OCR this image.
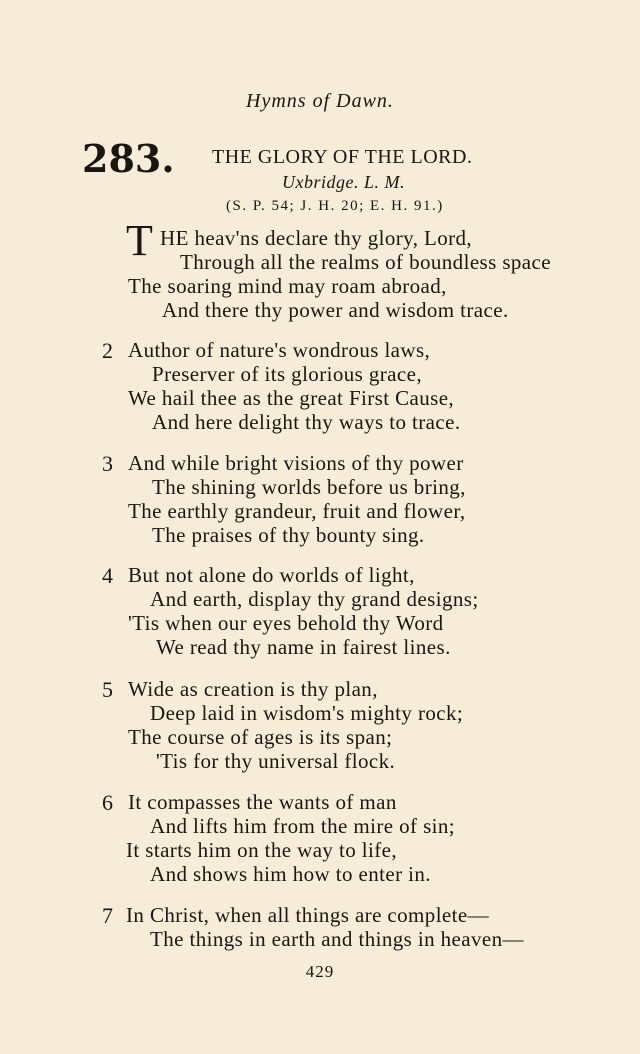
Hymns of Dawn.
283. THE GLORY OF THE LORD.
Uxbridge. L. M.
(S. P. 54; J. H. 20; E. H. 91.)
T HE heav'ns declare thy glory, Lord,
Through all the realms of boundless space
The soaring mind may roam abroad,
And there thy power and wisdom trace.
2 Author of nature's wondrous laws,
Preserver of its glorious grace,
We hail thee as the great First Cause,
And here delight thy ways to trace.
3 And while bright visions of thy power
The shining worlds before us bring,
The earthly grandeur, fruit and flower,
The praises of thy bounty sing.
4 But not alone do worlds of light,
And earth, display thy grand designs;
'Tis when our eyes behold thy Word
We read thy name in fairest lines.
5 Wide as creation is thy plan,
Deep laid in wisdom's mighty rock;
The course of ages is its span;
'Tis for thy universal flock.
6 It compasses the wants of man
And lifts him from the mire of sin;
It starts him on the way to life,
And shows him how to enter in.
7 In Christ, when all things are complete—
The things in earth and things in heaven—
429
